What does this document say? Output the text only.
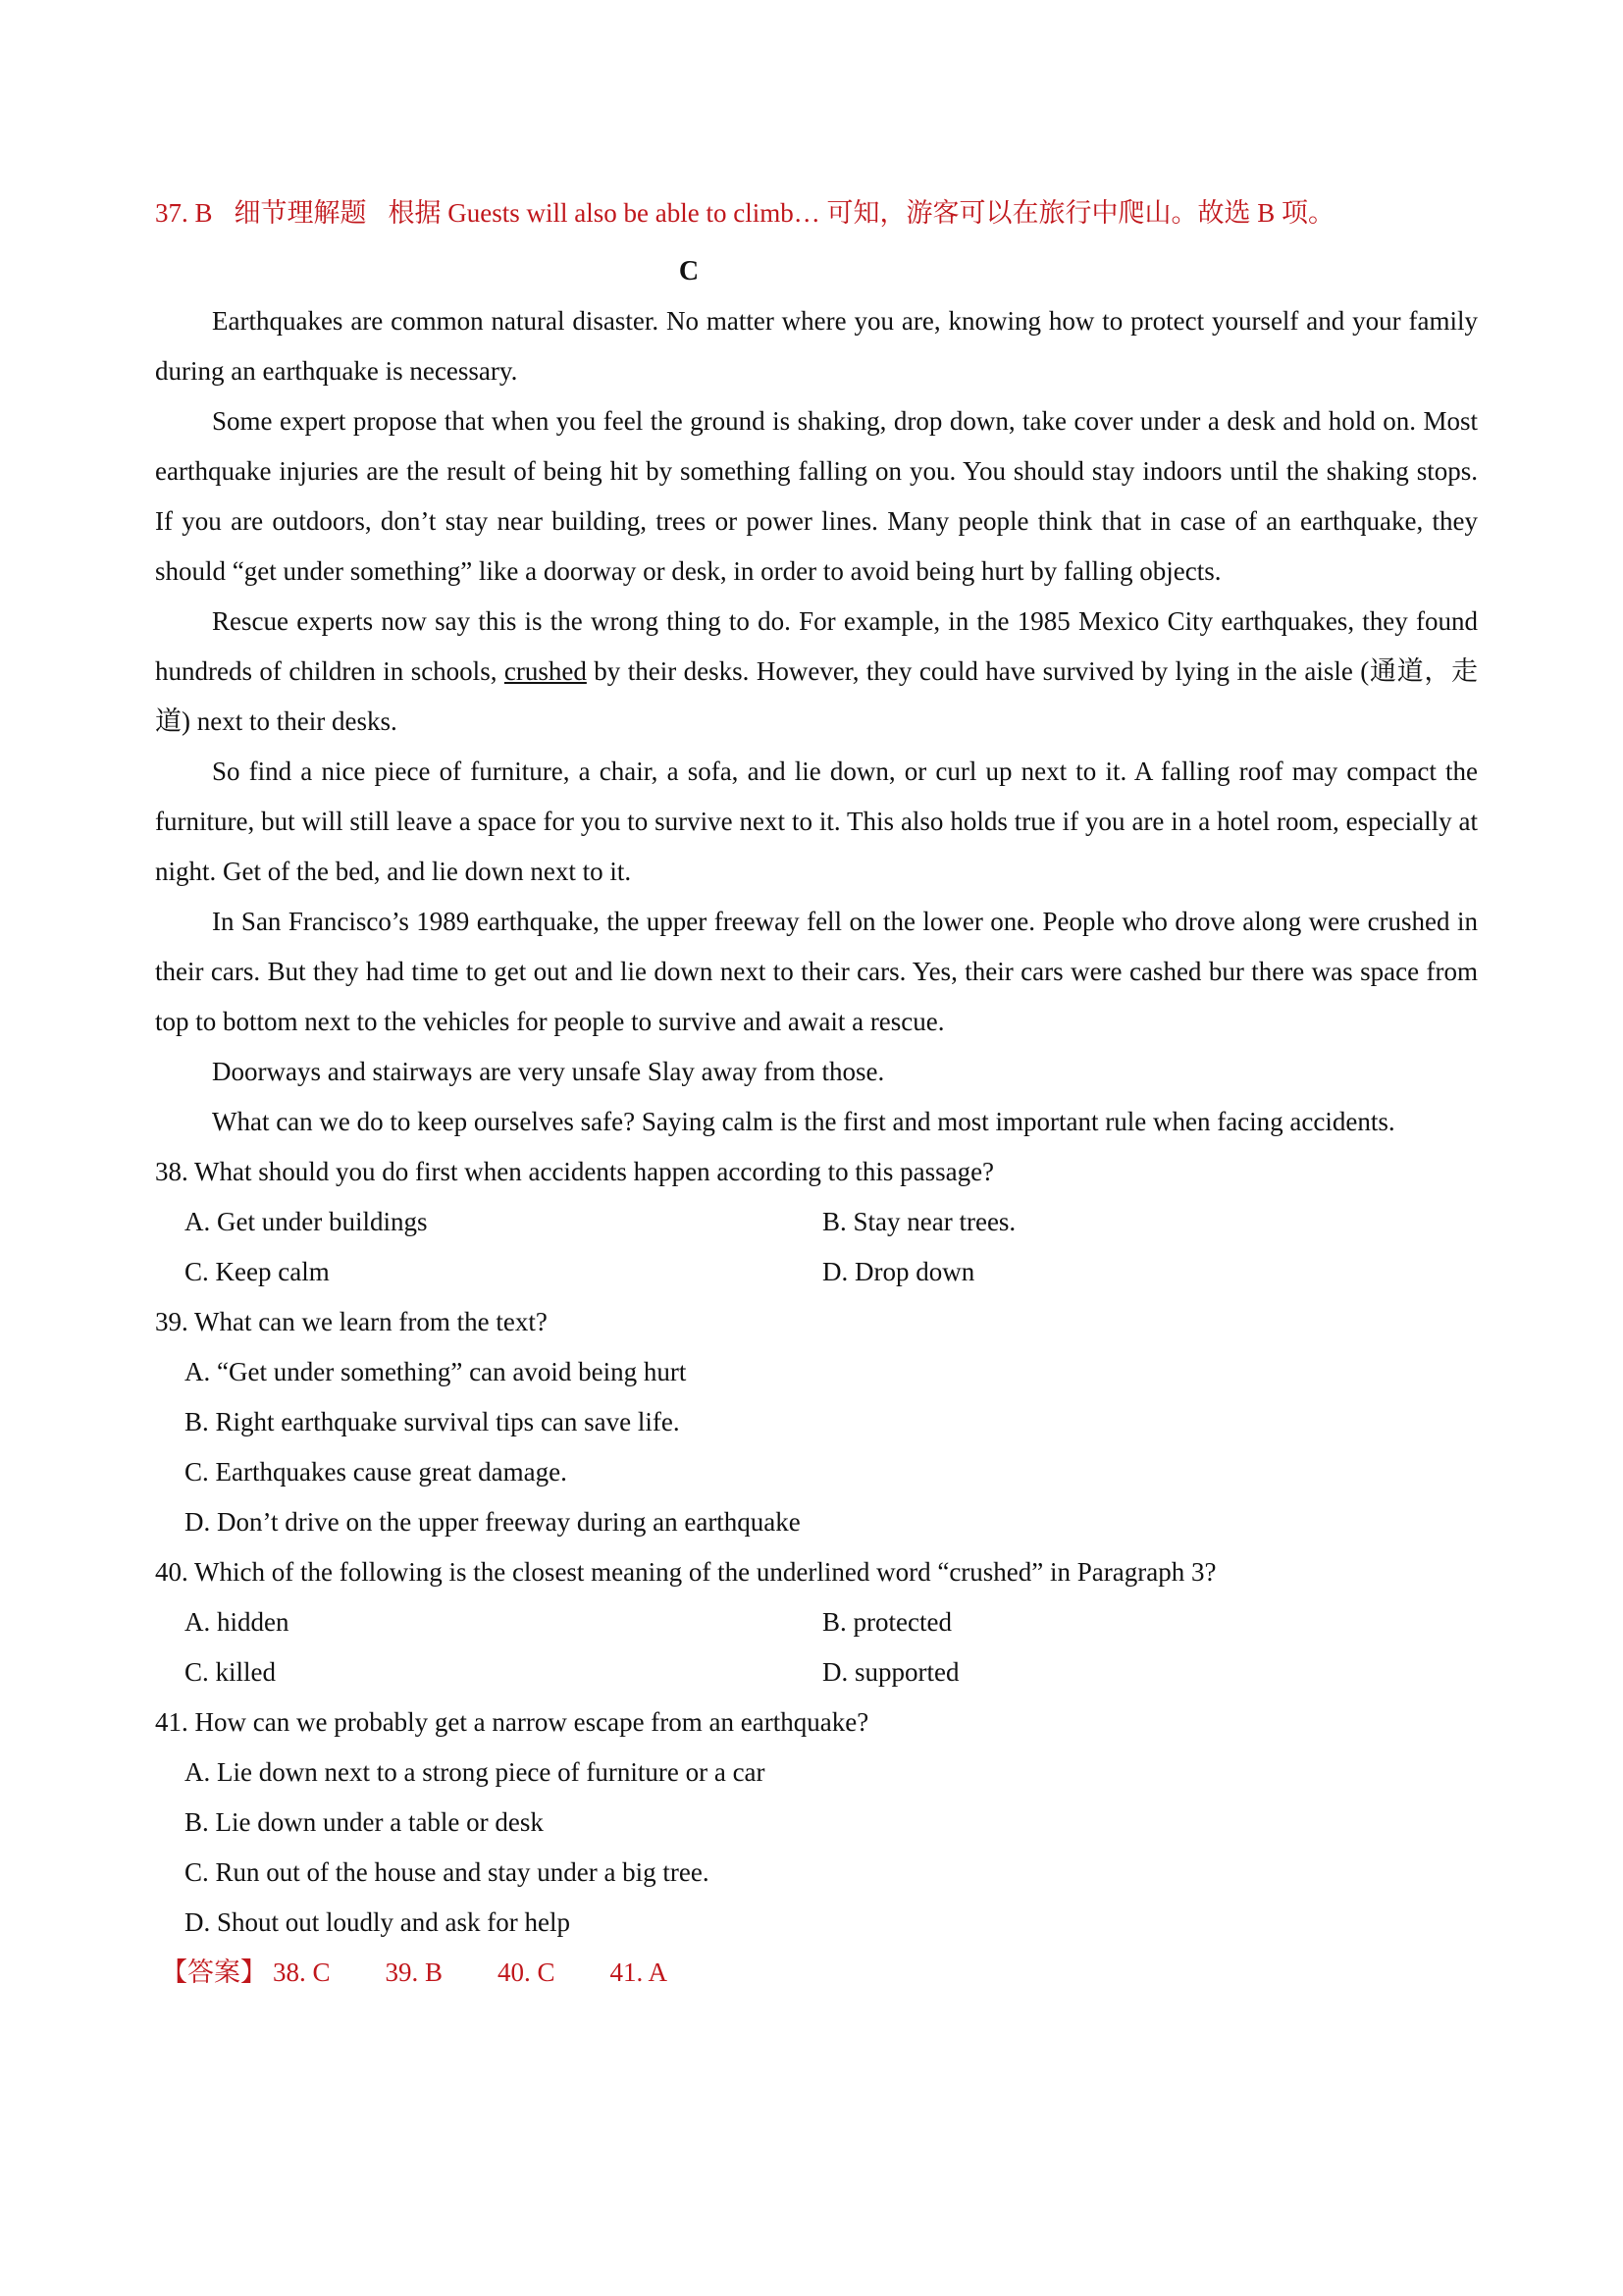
37. B 细节理解题 根据 Guests will also be able to climb… 可知，游客可以在旅行中爬山。故选 B 项。

C

Earthquakes are common natural disaster. No matter where you are, knowing how to protect yourself and your family during an earthquake is necessary.

Some expert propose that when you feel the ground is shaking, drop down, take cover under a desk and hold on. Most earthquake injuries are the result of being hit by something falling on you. You should stay indoors until the shaking stops. If you are outdoors, don’t stay near building, trees or power lines. Many people think that in case of an earthquake, they should “get under something” like a doorway or desk, in order to avoid being hurt by falling objects.

Rescue experts now say this is the wrong thing to do. For example, in the 1985 Mexico City earthquakes, they found hundreds of children in schools, crushed by their desks. However, they could have survived by lying in the aisle (通道，走道) next to their desks.

So find a nice piece of furniture, a chair, a sofa, and lie down, or curl up next to it. A falling roof may compact the furniture, but will still leave a space for you to survive next to it. This also holds true if you are in a hotel room, especially at night. Get of the bed, and lie down next to it.

In San Francisco’s 1989 earthquake, the upper freeway fell on the lower one. People who drove along were crushed in their cars. But they had time to get out and lie down next to their cars. Yes, their cars were cashed bur there was space from top to bottom next to the vehicles for people to survive and await a rescue.

Doorways and stairways are very unsafe Slay away from those.

What can we do to keep ourselves safe? Saying calm is the first and most important rule when facing accidents.

38. What should you do first when accidents happen according to this passage?

A. Get under buildings	B. Stay near trees.
C. Keep calm	D. Drop down

39. What can we learn from the text?

A. “Get under something” can avoid being hurt

B. Right earthquake survival tips can save life.

C. Earthquakes cause great damage.

D. Don’t drive on the upper freeway during an earthquake

40. Which of the following is the closest meaning of the underlined word “crushed” in Paragraph 3?

A. hidden	B. protected
C. killed	D. supported

41. How can we probably get a narrow escape from an earthquake?

A. Lie down next to a strong piece of furniture or a car

B. Lie down under a table or desk

C. Run out of the house and stay under a big tree.

D. Shout out loudly and ask for help

【答案】 38. C 39. B 40. C 41. A
